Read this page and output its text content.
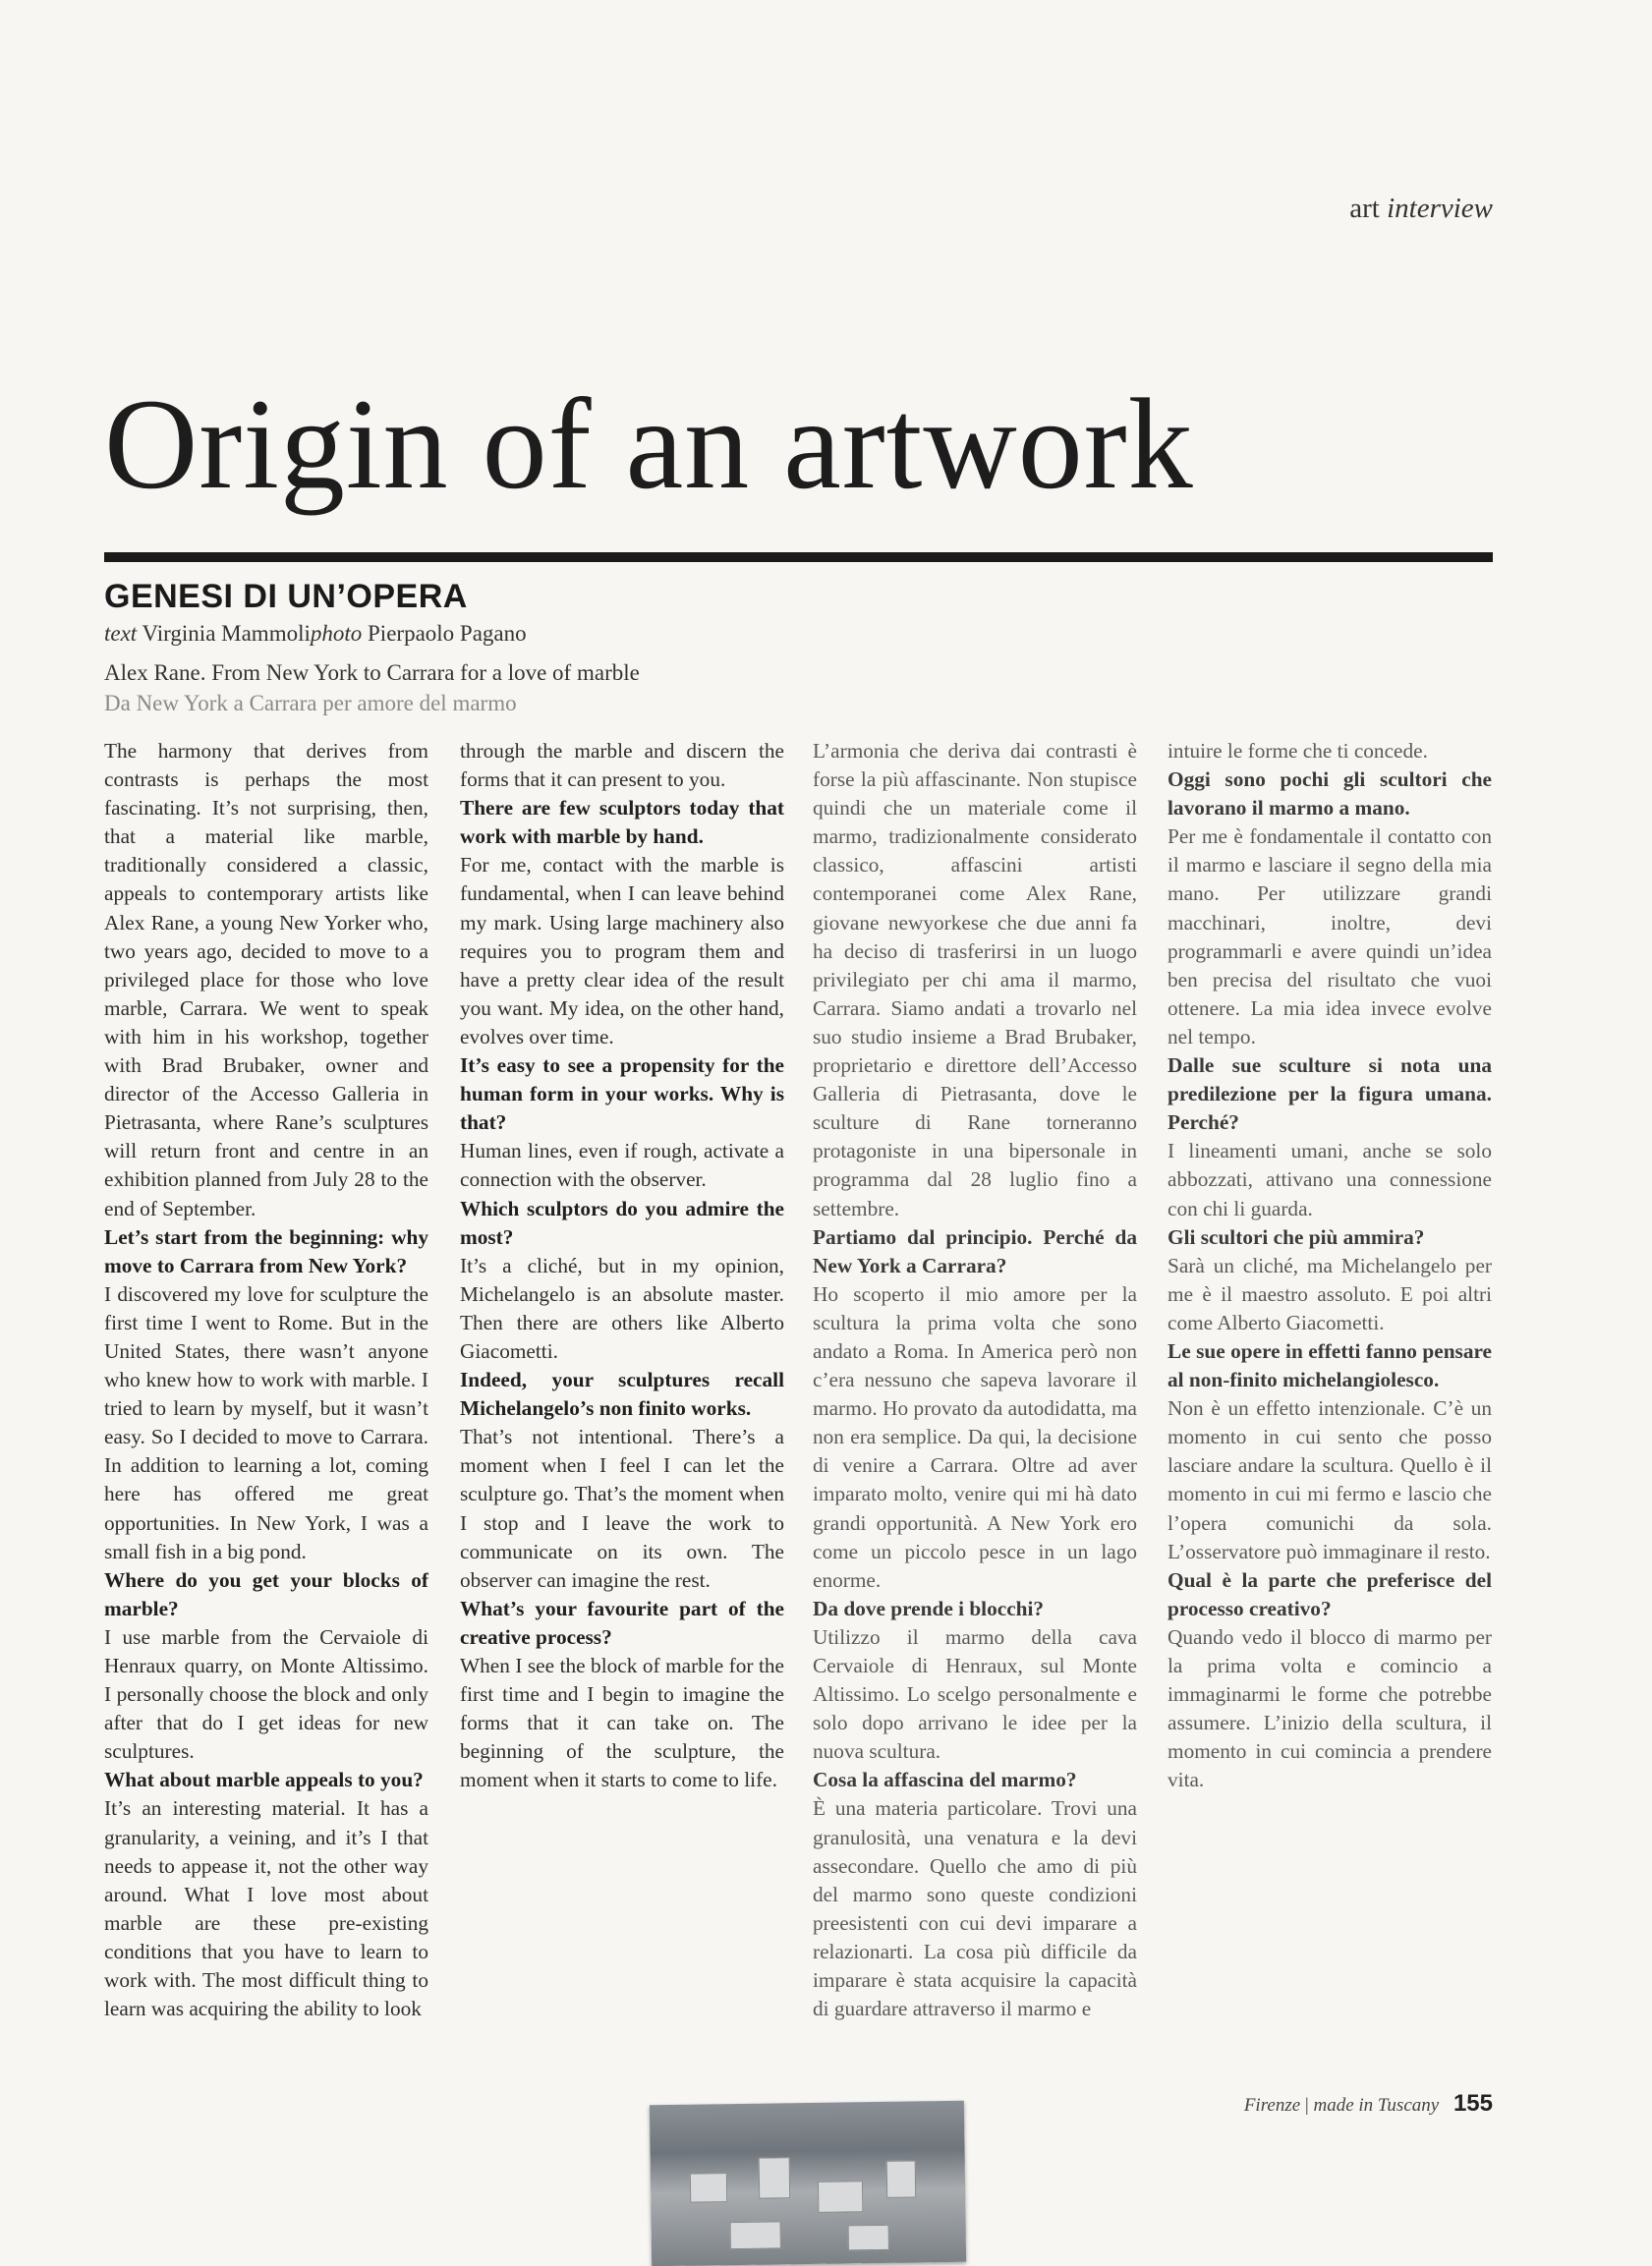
art interview
Origin of an artwork
GENESI DI UN’OPERA
text Virginia Mammoliphoto Pierpaolo Pagano
Alex Rane. From New York to Carrara for a love of marble
Da New York a Carrara per amore del marmo

The harmony that derives from contrasts is perhaps the most fascinating. It’s not surprising, then, that a material like marble, traditionally considered a classic, appeals to contemporary artists like Alex Rane, a young New Yorker who, two years ago, decided to move to a privileged place for those who love marble, Carrara. We went to speak with him in his workshop, together with Brad Brubaker, owner and director of the Accesso Galleria in Pietrasanta, where Rane’s sculptures will return front and centre in an exhibition planned from July 28 to the end of September.

Let’s start from the beginning: why move to Carrara from New York?

I discovered my love for sculpture the first time I went to Rome. But in the United States, there wasn’t anyone who knew how to work with marble. I tried to learn by myself, but it wasn’t easy. So I decided to move to Carrara. In addition to learning a lot, coming here has offered me great opportunities. In New York, I was a small fish in a big pond.

Where do you get your blocks of marble?

I use marble from the Cervaiole di Henraux quarry, on Monte Altissimo. I personally choose the block and only after that do I get ideas for new sculptures.

What about marble appeals to you?

It’s an interesting material. It has a granularity, a veining, and it’s I that needs to appease it, not the other way around. What I love most about marble are these pre-existing conditions that you have to learn to work with. The most difficult thing to learn was acquiring the ability to look

through the marble and discern the forms that it can present to you.

There are few sculptors today that work with marble by hand.

For me, contact with the marble is fundamental, when I can leave behind my mark. Using large machinery also requires you to program them and have a pretty clear idea of the result you want. My idea, on the other hand, evolves over time.

It’s easy to see a propensity for the human form in your works. Why is that?

Human lines, even if rough, activate a connection with the observer.

Which sculptors do you admire the most?

It’s a cliché, but in my opinion, Michelangelo is an absolute master. Then there are others like Alberto Giacometti.

Indeed, your sculptures recall Michelangelo’s non finito works.

That’s not intentional. There’s a moment when I feel I can let the sculpture go. That’s the moment when I stop and I leave the work to communicate on its own. The observer can imagine the rest.

What’s your favourite part of the creative process?

When I see the block of marble for the first time and I begin to imagine the forms that it can take on. The beginning of the sculpture, the moment when it starts to come to life.

L’armonia che deriva dai contrasti è forse la più affascinante. Non stupisce quindi che un materiale come il marmo, tradizionalmente considerato classico, affascini artisti contemporanei come Alex Rane, giovane newyorkese che due anni fa ha deciso di trasferirsi in un luogo privilegiato per chi ama il marmo, Carrara. Siamo andati a trovarlo nel suo studio insieme a Brad Brubaker, proprietario e direttore dell’Accesso Galleria di Pietrasanta, dove le sculture di Rane torneranno protagoniste in una bipersonale in programma dal 28 luglio fino a settembre.

Partiamo dal principio. Perché da New York a Carrara?

Ho scoperto il mio amore per la scultura la prima volta che sono andato a Roma. In America però non c’era nessuno che sapeva lavorare il marmo. Ho provato da autodidatta, ma non era semplice. Da qui, la decisione di venire a Carrara. Oltre ad aver imparato molto, venire qui mi hà dato grandi opportunità. A New York ero come un piccolo pesce in un lago enorme.

Da dove prende i blocchi?

Utilizzo il marmo della cava Cervaiole di Henraux, sul Monte Altissimo. Lo scelgo personalmente e solo dopo arrivano le idee per la nuova scultura.

Cosa la affascina del marmo?

È una materia particolare. Trovi una granulosità, una venatura e la devi assecondare. Quello che amo di più del marmo sono queste condizioni preesistenti con cui devi imparare a relazionarti. La cosa più difficile da imparare è stata acquisire la capacità di guardare attraverso il marmo e

intuire le forme che ti concede.

Oggi sono pochi gli scultori che lavorano il marmo a mano.

Per me è fondamentale il contatto con il marmo e lasciare il segno della mia mano. Per utilizzare grandi macchinari, inoltre, devi programmarli e avere quindi un’idea ben precisa del risultato che vuoi ottenere. La mia idea invece evolve nel tempo.

Dalle sue sculture si nota una predilezione per la figura umana. Perché?

I lineamenti umani, anche se solo abbozzati, attivano una connessione con chi li guarda.

Gli scultori che più ammira?

Sarà un cliché, ma Michelangelo per me è il maestro assoluto. E poi altri come Alberto Giacometti.

Le sue opere in effetti fanno pensare al non-finito michelangiolesco.

Non è un effetto intenzionale. C’è un momento in cui sento che posso lasciare andare la scultura. Quello è il momento in cui mi fermo e lascio che l’opera comunichi da sola. L’osservatore può immaginare il resto.

Qual è la parte che preferisce del processo creativo?

Quando vedo il blocco di marmo per la prima volta e comincio a immaginarmi le forme che potrebbe assumere. L’inizio della scultura, il momento in cui comincia a prendere vita.

Firenze | made in Tuscany 155
